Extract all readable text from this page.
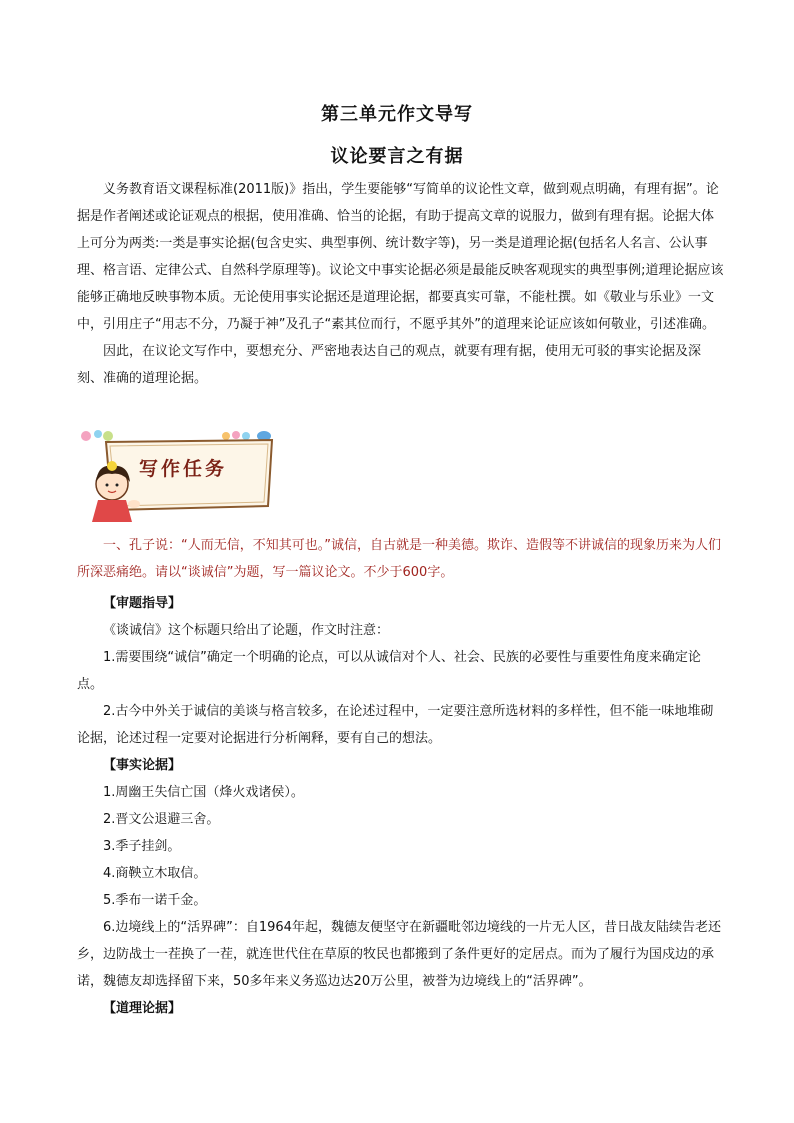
第三单元作文导写
议论要言之有据

义务教育语文课程标准(2011版)》指出，学生要能够“写简单的议论性文章，做到观点明确，有理有据”。论据是作者阐述或论证观点的根据，使用准确、恰当的论据，有助于提高文章的说服力，做到有理有据。论据大体上可分为两类:一类是事实论据(包含史实、典型事例、统计数字等)，另一类是道理论据(包括名人名言、公认事理、格言语、定律公式、自然科学原理等)。议论文中事实论据必须是最能反映客观现实的典型事例;道理论据应该能够正确地反映事物本质。无论使用事实论据还是道理论据，都要真实可靠，不能杜撰。如《敬业与乐业》一文中，引用庄子“用志不分，乃凝于神”及孔子“素其位而行，不愿乎其外”的道理来论证应该如何敬业，引述准确。

因此，在议论文写作中，要想充分、严密地表达自己的观点，就要有理有据，使用无可驳的事实论据及深刻、准确的道理论据。

写作任务

一、孔子说：“人而无信，不知其可也。”诚信，自古就是一种美德。欺诈、造假等不讲诚信的现象历来为人们所深恶痛绝。请以“谈诚信”为题，写一篇议论文。不少于600字。

【审题指导】

《谈诚信》这个标题只给出了论题，作文时注意：

1.需要围绕“诚信”确定一个明确的论点，可以从诚信对个人、社会、民族的必要性与重要性角度来确定论点。

2.古今中外关于诚信的美谈与格言较多，在论述过程中，一定要注意所选材料的多样性，但不能一味地堆砌论据，论述过程一定要对论据进行分析阐释，要有自己的想法。

【事实论据】

1.周幽王失信亡国（烽火戏诸侯）。

2.晋文公退避三舍。

3.季子挂剑。

4.商鞅立木取信。

5.季布一诺千金。

6.边境线上的“活界碑”：自1964年起，魏德友便坚守在新疆毗邻边境线的一片无人区，昔日战友陆续告老还乡，边防战士一茬换了一茬，就连世代住在草原的牧民也都搬到了条件更好的定居点。而为了履行为国戍边的承诺，魏德友却选择留下来，50多年来义务巡边达20万公里，被誉为边境线上的“活界碑”。

【道理论据】
